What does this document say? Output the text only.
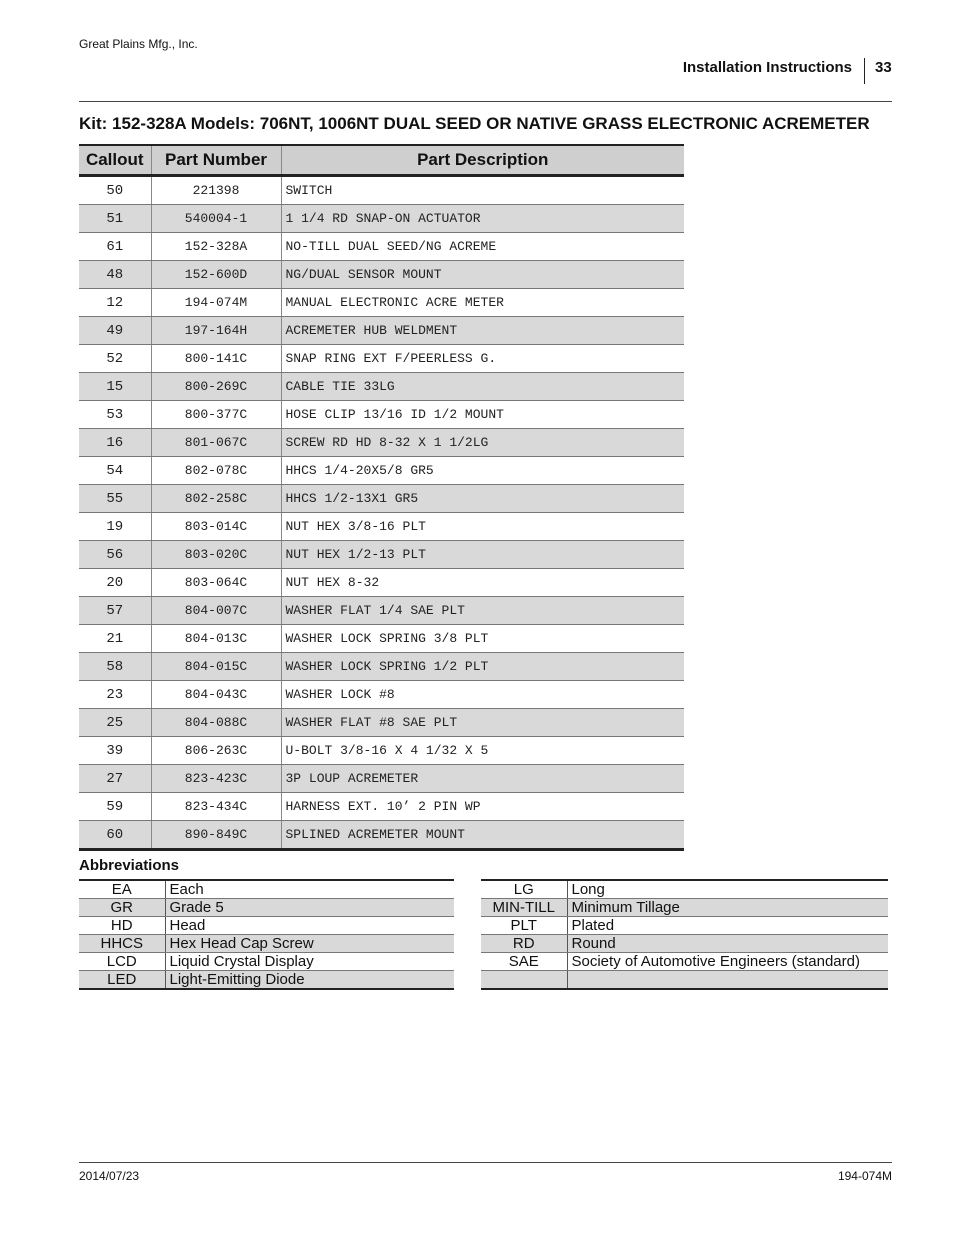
Great Plains Mfg., Inc.
Installation Instructions 33
Kit: 152-328A Models: 706NT, 1006NT DUAL SEED OR NATIVE GRASS ELECTRONIC ACREMETER
Callout	Part Number	Part Description
50	221398	SWITCH
51	540004-1	1 1/4 RD SNAP-ON ACTUATOR
61	152-328A	NO-TILL DUAL SEED/NG ACREME
48	152-600D	NG/DUAL SENSOR MOUNT
12	194-074M	MANUAL ELECTRONIC ACRE METER
49	197-164H	ACREMETER HUB WELDMENT
52	800-141C	SNAP RING EXT F/PEERLESS G.
15	800-269C	CABLE TIE 33LG
53	800-377C	HOSE CLIP 13/16 ID 1/2 MOUNT
16	801-067C	SCREW RD HD 8-32 X 1 1/2LG
54	802-078C	HHCS 1/4-20X5/8 GR5
55	802-258C	HHCS 1/2-13X1 GR5
19	803-014C	NUT HEX 3/8-16 PLT
56	803-020C	NUT HEX 1/2-13 PLT
20	803-064C	NUT HEX 8-32
57	804-007C	WASHER FLAT 1/4 SAE PLT
21	804-013C	WASHER LOCK SPRING 3/8 PLT
58	804-015C	WASHER LOCK SPRING 1/2 PLT
23	804-043C	WASHER LOCK #8
25	804-088C	WASHER FLAT #8 SAE PLT
39	806-263C	U-BOLT 3/8-16 X 4 1/32 X 5
27	823-423C	3P LOUP ACREMETER
59	823-434C	HARNESS EXT. 10’ 2 PIN WP
60	890-849C	SPLINED ACREMETER MOUNT
Abbreviations
EA	Each
GR	Grade 5
HD	Head
HHCS	Hex Head Cap Screw
LCD	Liquid Crystal Display
LED	Light-Emitting Diode
LG	Long
MIN-TILL	Minimum Tillage
PLT	Plated
RD	Round
SAE	Society of Automotive Engineers (standard)

2014/07/23	194-074M
